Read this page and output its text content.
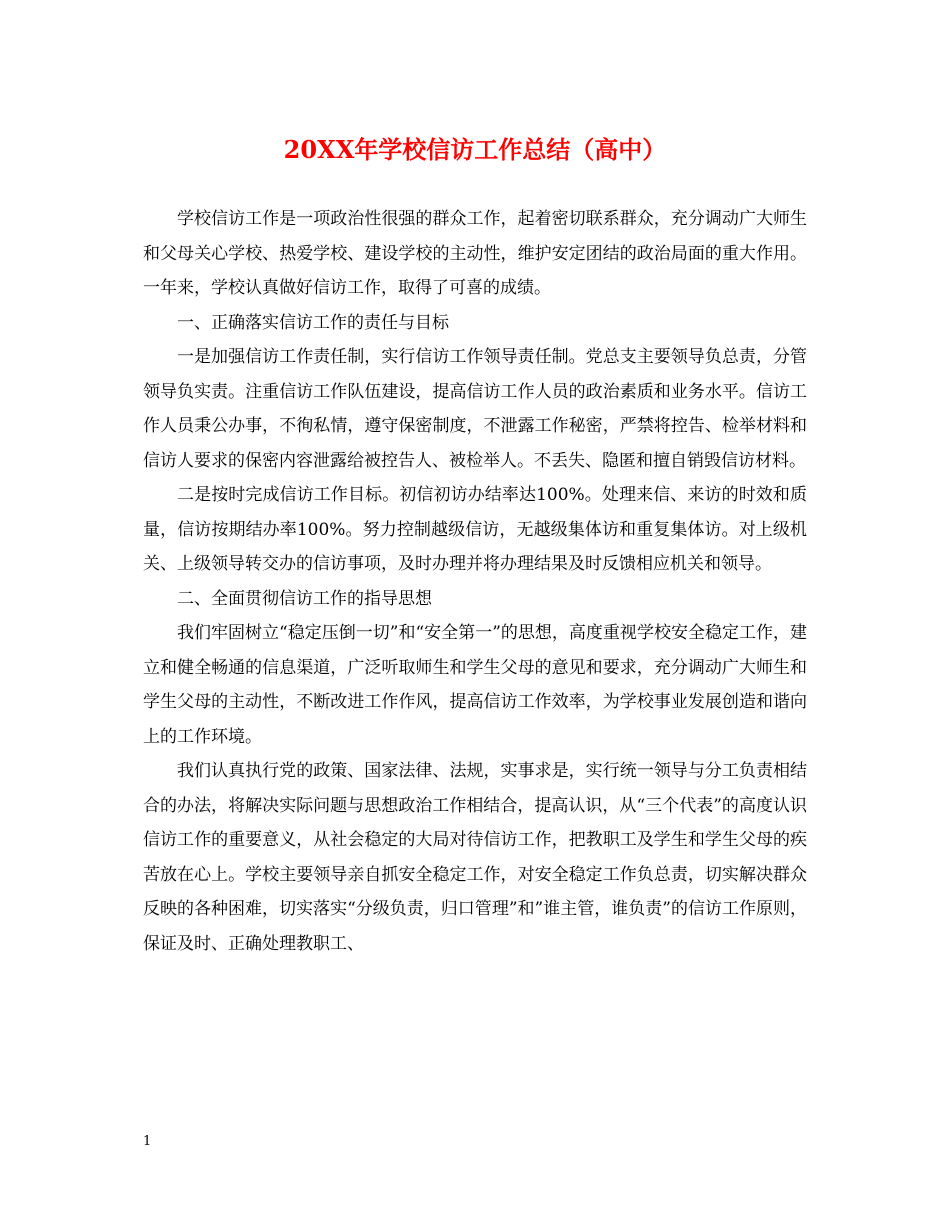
20XX年学校信访工作总结（高中）

学校信访工作是一项政治性很强的群众工作，起着密切联系群众，充分调动广大师生和父母关心学校、热爱学校、建设学校的主动性，维护安定团结的政治局面的重大作用。一年来，学校认真做好信访工作，取得了可喜的成绩。

一、正确落实信访工作的责任与目标

一是加强信访工作责任制，实行信访工作领导责任制。党总支主要领导负总责，分管领导负实责。注重信访工作队伍建设，提高信访工作人员的政治素质和业务水平。信访工作人员秉公办事，不徇私情，遵守保密制度，不泄露工作秘密，严禁将控告、检举材料和信访人要求的保密内容泄露给被控告人、被检举人。不丢失、隐匿和擅自销毁信访材料。

二是按时完成信访工作目标。初信初访办结率达100%。处理来信、来访的时效和质量，信访按期结办率100%。努力控制越级信访，无越级集体访和重复集体访。对上级机关、上级领导转交办的信访事项，及时办理并将办理结果及时反馈相应机关和领导。

二、全面贯彻信访工作的指导思想

我们牢固树立“稳定压倒一切”和“安全第一”的思想，高度重视学校安全稳定工作，建立和健全畅通的信息渠道，广泛听取师生和学生父母的意见和要求，充分调动广大师生和学生父母的主动性，不断改进工作作风，提高信访工作效率，为学校事业发展创造和谐向上的工作环境。

我们认真执行党的政策、国家法律、法规，实事求是，实行统一领导与分工负责相结合的办法，将解决实际问题与思想政治工作相结合，提高认识，从“三个代表”的高度认识信访工作的重要意义，从社会稳定的大局对待信访工作，把教职工及学生和学生父母的疾苦放在心上。学校主要领导亲自抓安全稳定工作，对安全稳定工作负总责，切实解决群众反映的各种困难，切实落实“分级负责，归口管理”和”谁主管，谁负责”的信访工作原则，保证及时、正确处理教职工、

1
